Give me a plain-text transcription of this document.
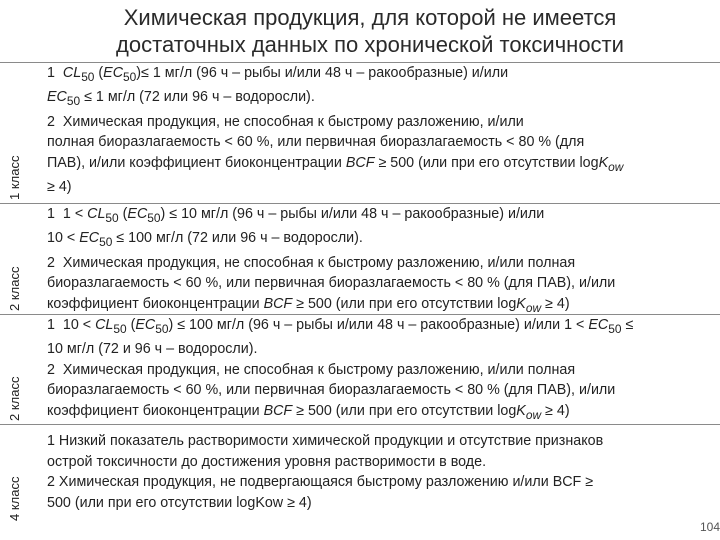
Химическая продукция, для которой не имеется
достаточных данных по хронической токсичности
1 класс
1  $CL_{50}$ $(EC_{50})\le 1$ мг/л (96 ч – рыбы и/или 48 ч – ракообразные) и/или
$EC_{50} \le 1$ мг/л (72 или 96 ч – водоросли).
2  Химическая продукция, не способная к быстрому разложению, и/или
полная биоразлагаемость < 60 %, или первичная биоразлагаемость < 80 % (для
ПАВ), и/или коэффициент биоконцентрации BCF ≥ 500 (или при его отсутствии logK$_{ow}$
≥ 4)
2 класс
1  $1 < CL_{50}$ $(EC_{50}) \le 10$ мг/л (96 ч – рыбы и/или 48 ч – ракообразные) и/или
$10 < EC_{50} \le 100$ мг/л (72 или 96 ч – водоросли).
2  Химическая продукция, не способная к быстрому разложению, и/или полная
биоразлагаемость < 60 %, или первичная биоразлагаемость < 80 % (для ПАВ), и/или
коэффициент биоконцентрации BCF ≥ 500 (или при его отсутствии logK$_{ow}$ ≥ 4)
2 класс
1  $10 < CL_{50}$ $(EC_{50}) \le 100$ мг/л (96 ч – рыбы и/или 48 ч – ракообразные) и/или $1 < EC_{50}$ ≤
10 мг/л (72 и 96 ч – водоросли).
2  Химическая продукция, не способная к быстрому разложению, и/или полная
биоразлагаемость < 60 %, или первичная биоразлагаемость < 80 % (для ПАВ), и/или
коэффициент биоконцентрации BCF ≥ 500 (или при его отсутствии logK$_{ow}$ ≥ 4)
4 класс
1 Низкий показатель растворимости химической продукции и отсутствие признаков
острой токсичности до достижения уровня растворимости в воде.
2 Химическая продукция, не подвергающаяся быстрому разложению и/или BCF ≥
500 (или при его отсутствии logKow ≥ 4)
104
